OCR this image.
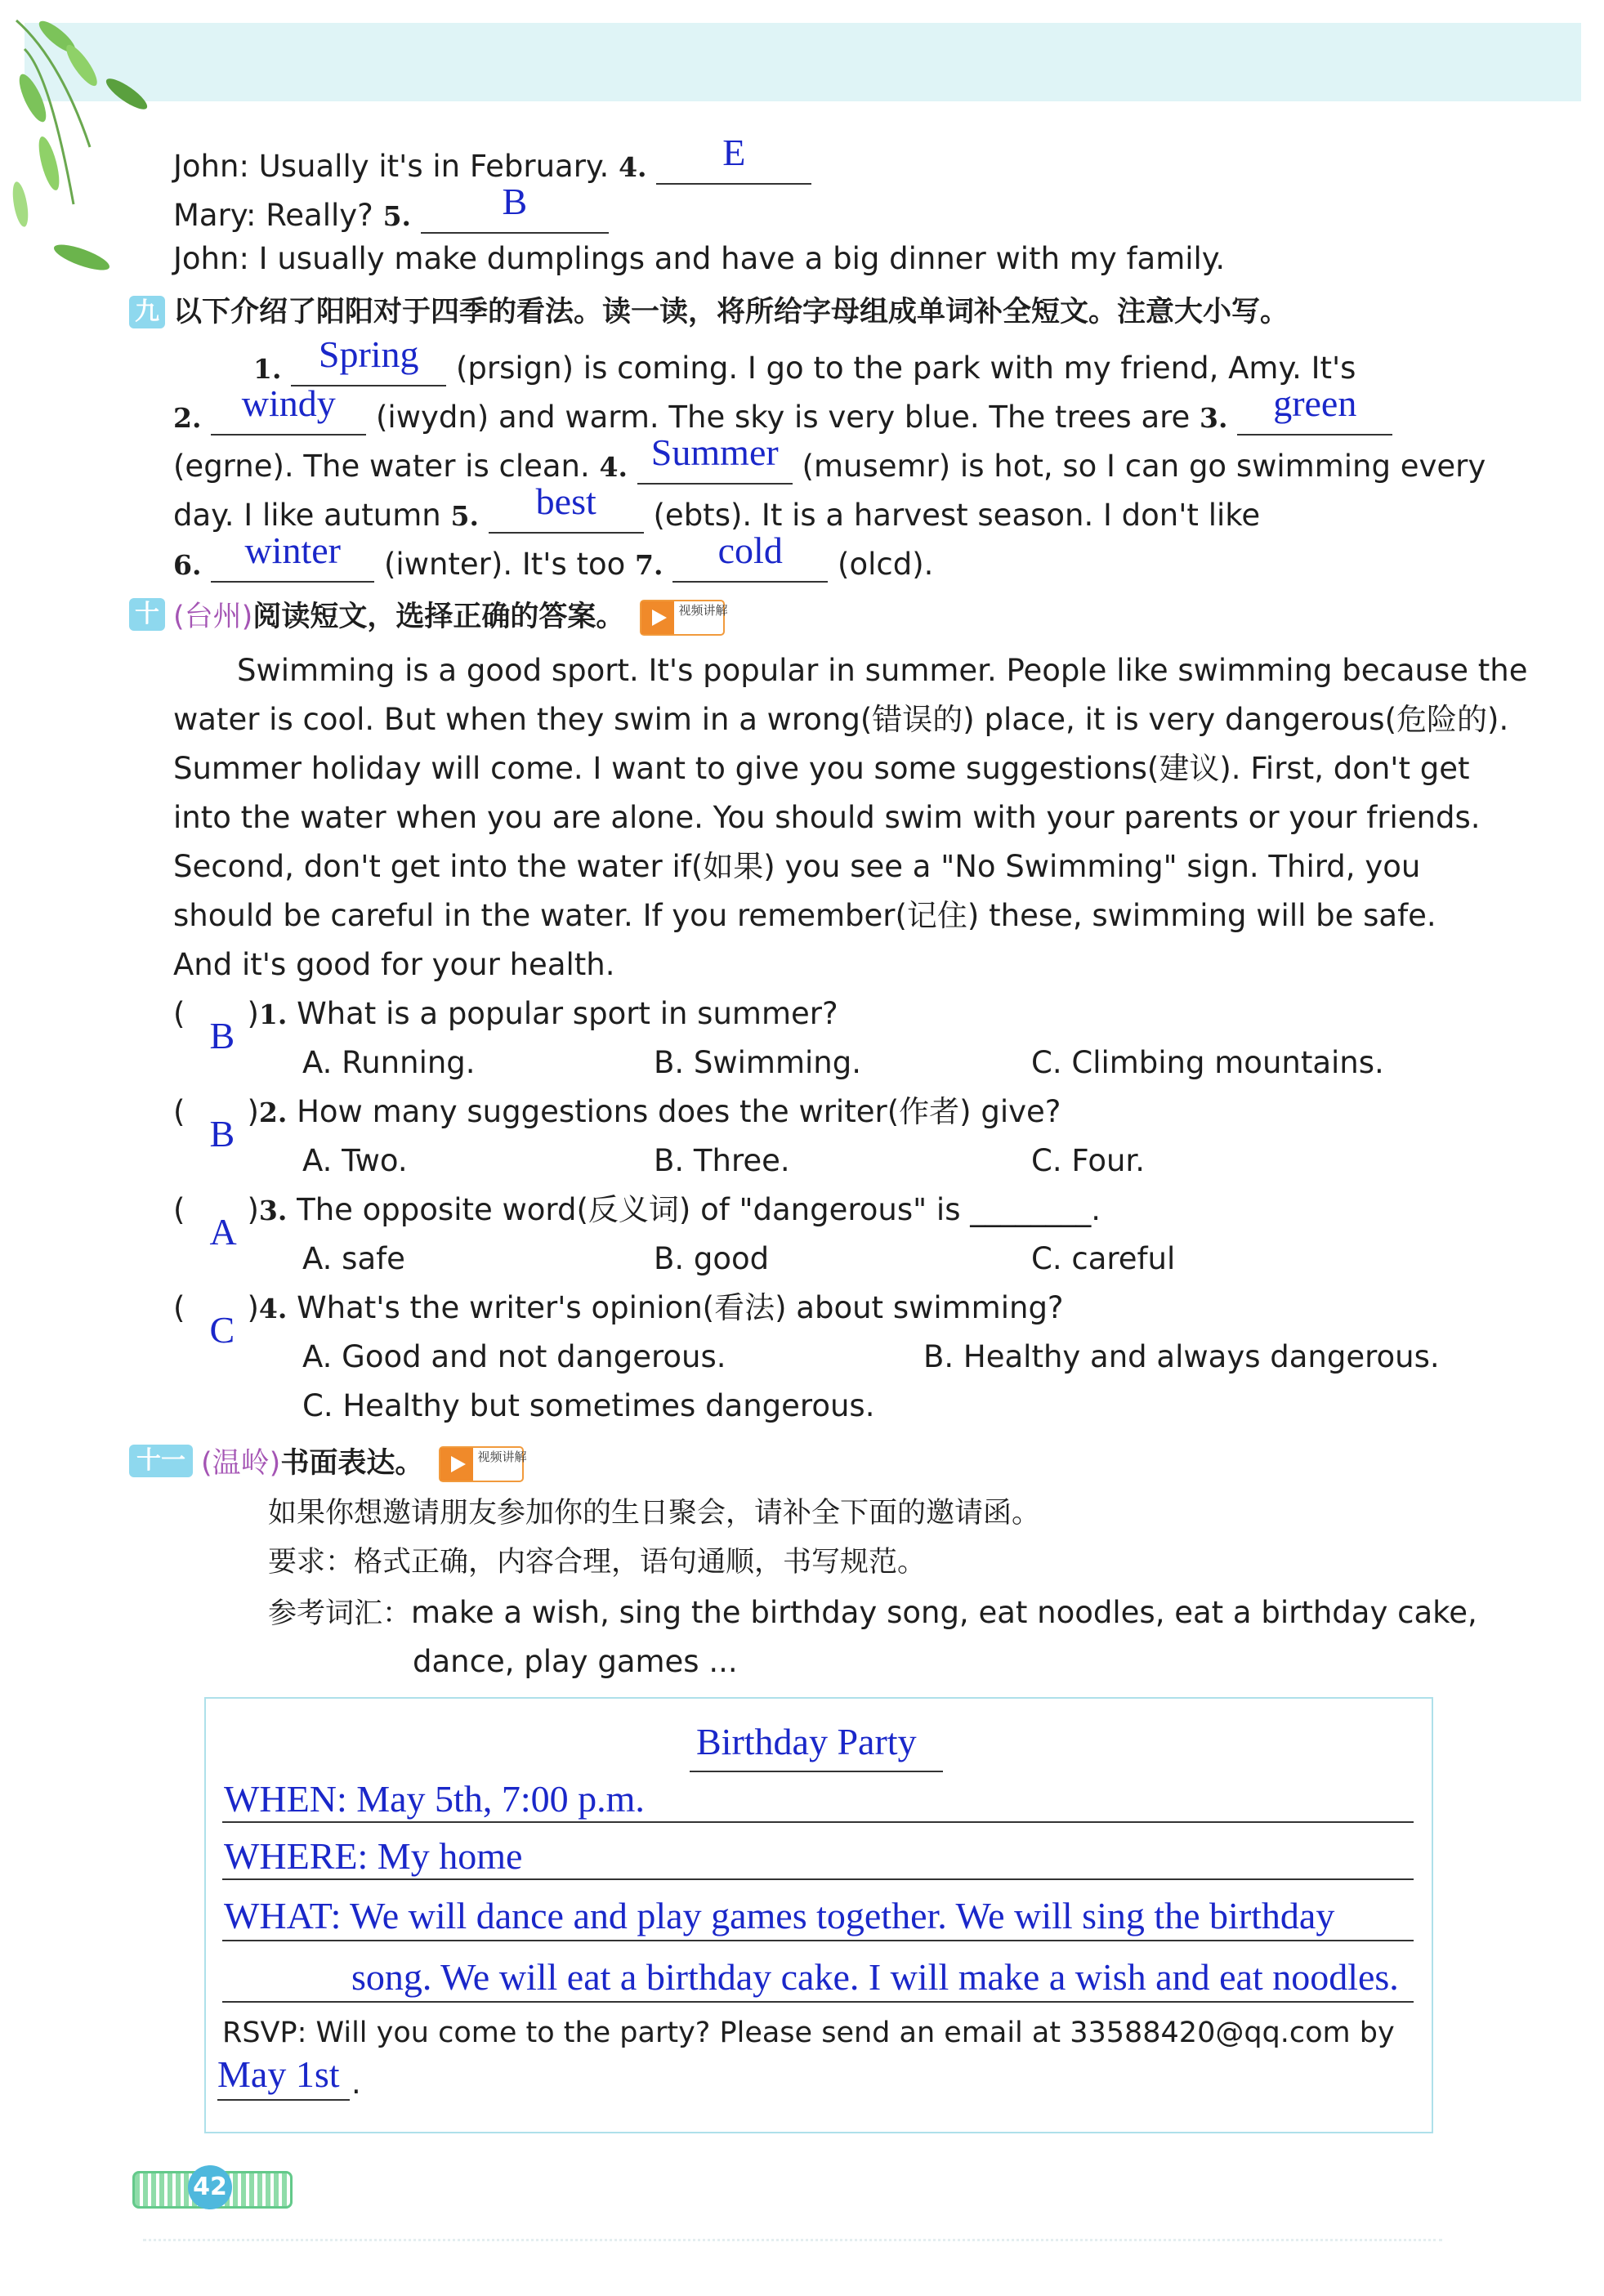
John: Usually it's in February. 4. E
Mary: Really? 5. B
John: I usually make dumplings and have a big dinner with my family.
九 以下介绍了阳阳对于四季的看法。读一读，将所给字母组成单词补全短文。注意大小写。
1. Spring (prsign) is coming. I go to the park with my friend, Amy. It's
2. windy (iwydn) and warm. The sky is very blue. The trees are 3. green
(egrne). The water is clean. 4. Summer (musemr) is hot, so I can go swimming every
day. I like autumn 5. best (ebts). It is a harvest season. I don't like
6. winter (iwnter). It's too 7. cold (olcd).
十 (台州)阅读短文，选择正确的答案。	视频讲解
Swimming is a good sport. It's popular in summer. People like swimming because the
water is cool. But when they swim in a wrong(错误的) place, it is very dangerous(危险的).
Summer holiday will come. I want to give you some suggestions(建议). First, don't get
into the water when you are alone. You should swim with your parents or your friends.
Second, don't get into the water if(如果) you see a "No Swimming" sign. Third, you
should be careful in the water. If you remember(记住) these, swimming will be safe.
And it's good for your health.
(
B
)1. What is a popular sport in summer?
A. Running.	B. Swimming.	C. Climbing mountains.
(
B
)2. How many suggestions does the writer(作者) give?
A. Two.	B. Three.	C. Four.
(
A
)3. The opposite word(反义词) of "dangerous" is ________.
A. safe	B. good	C. careful
(
C
)4. What's the writer's opinion(看法) about swimming?
A. Good and not dangerous.	B. Healthy and always dangerous.
C. Healthy but sometimes dangerous.
十一 (温岭)书面表达。	视频讲解
如果你想邀请朋友参加你的生日聚会，请补全下面的邀请函。
要求：格式正确，内容合理，语句通顺，书写规范。
参考词汇：make a wish, sing the birthday song, eat noodles, eat a birthday cake,
dance, play games ...
Birthday Party
WHEN: May 5th, 7:00 p.m.
WHERE: My home
WHAT: We will dance and play games together. We will sing the birthday
song. We will eat a birthday cake. I will make a wish and eat noodles.
RSVP: Will you come to the party? Please send an email at 33588420@qq.com by
May 1st .
42
